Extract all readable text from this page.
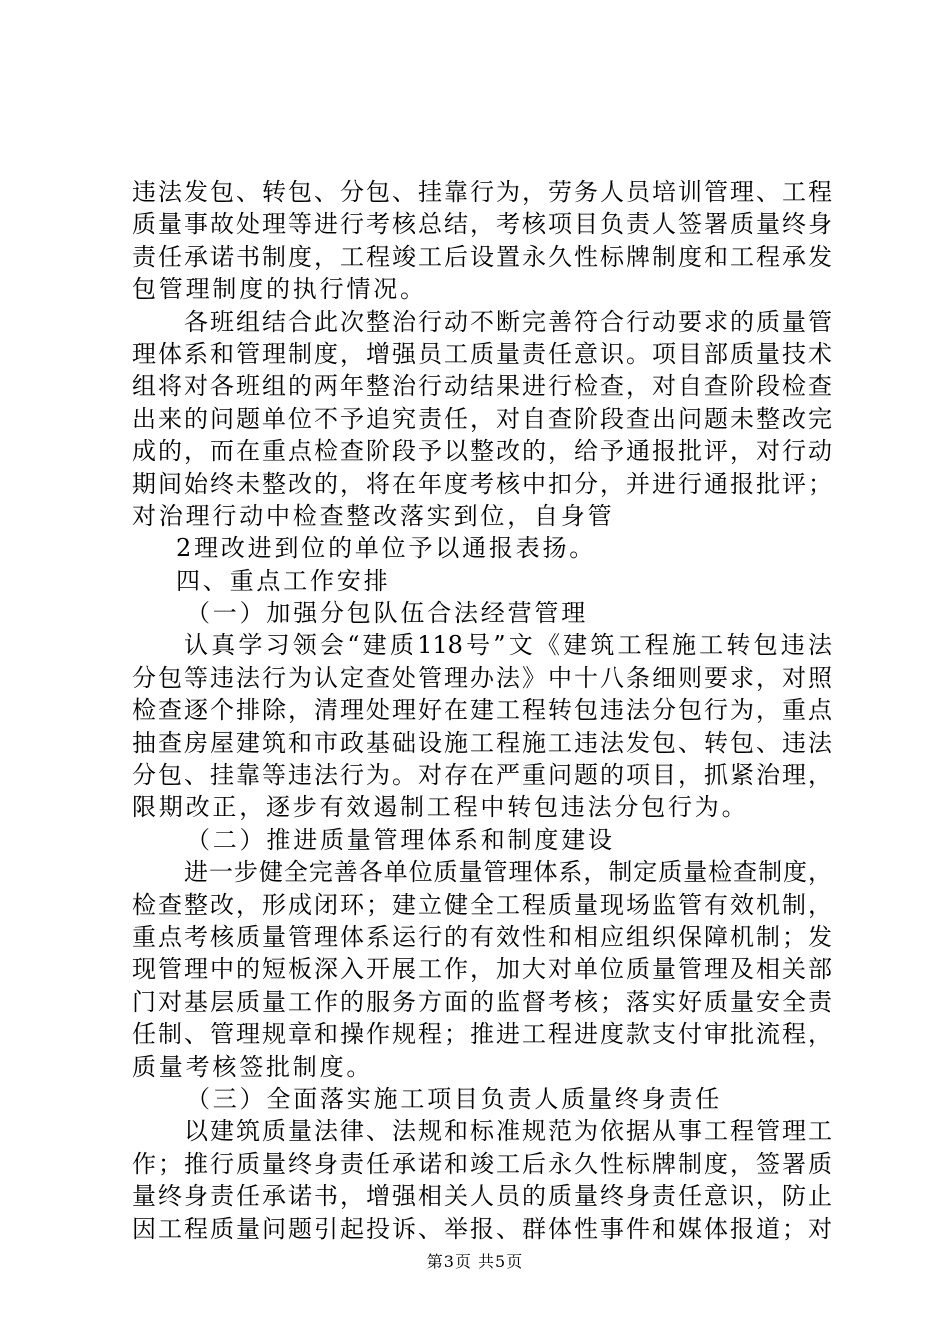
违法发包、转包、分包、挂靠行为，劳务人员培训管理、工程
质量事故处理等进行考核总结，考核项目负责人签署质量终身
责任承诺书制度，工程竣工后设置永久性标牌制度和工程承发
包管理制度的执行情况。
各班组结合此次整治行动不断完善符合行动要求的质量管
理体系和管理制度，增强员工质量责任意识。项目部质量技术
组将对各班组的两年整治行动结果进行检查，对自查阶段检查
出来的问题单位不予追究责任，对自查阶段查出问题未整改完
成的，而在重点检查阶段予以整改的，给予通报批评，对行动
期间始终未整改的，将在年度考核中扣分，并进行通报批评；
对治理行动中检查整改落实到位，自身管
2理改进到位的单位予以通报表扬。
四、重点工作安排
（一）加强分包队伍合法经营管理
认真学习领会“建质118号”文《建筑工程施工转包违法
分包等违法行为认定查处管理办法》中十八条细则要求，对照
检查逐个排除，清理处理好在建工程转包违法分包行为，重点
抽查房屋建筑和市政基础设施工程施工违法发包、转包、违法
分包、挂靠等违法行为。对存在严重问题的项目，抓紧治理，
限期改正，逐步有效遏制工程中转包违法分包行为。
（二）推进质量管理体系和制度建设
进一步健全完善各单位质量管理体系，制定质量检查制度，
检查整改，形成闭环；建立健全工程质量现场监管有效机制，
重点考核质量管理体系运行的有效性和相应组织保障机制；发
现管理中的短板深入开展工作，加大对单位质量管理及相关部
门对基层质量工作的服务方面的监督考核；落实好质量安全责
任制、管理规章和操作规程；推进工程进度款支付审批流程，
质量考核签批制度。
（三）全面落实施工项目负责人质量终身责任
以建筑质量法律、法规和标准规范为依据从事工程管理工
作；推行质量终身责任承诺和竣工后永久性标牌制度，签署质
量终身责任承诺书，增强相关人员的质量终身责任意识，防止
因工程质量问题引起投诉、举报、群体性事件和媒体报道；对
第3页 共5页
